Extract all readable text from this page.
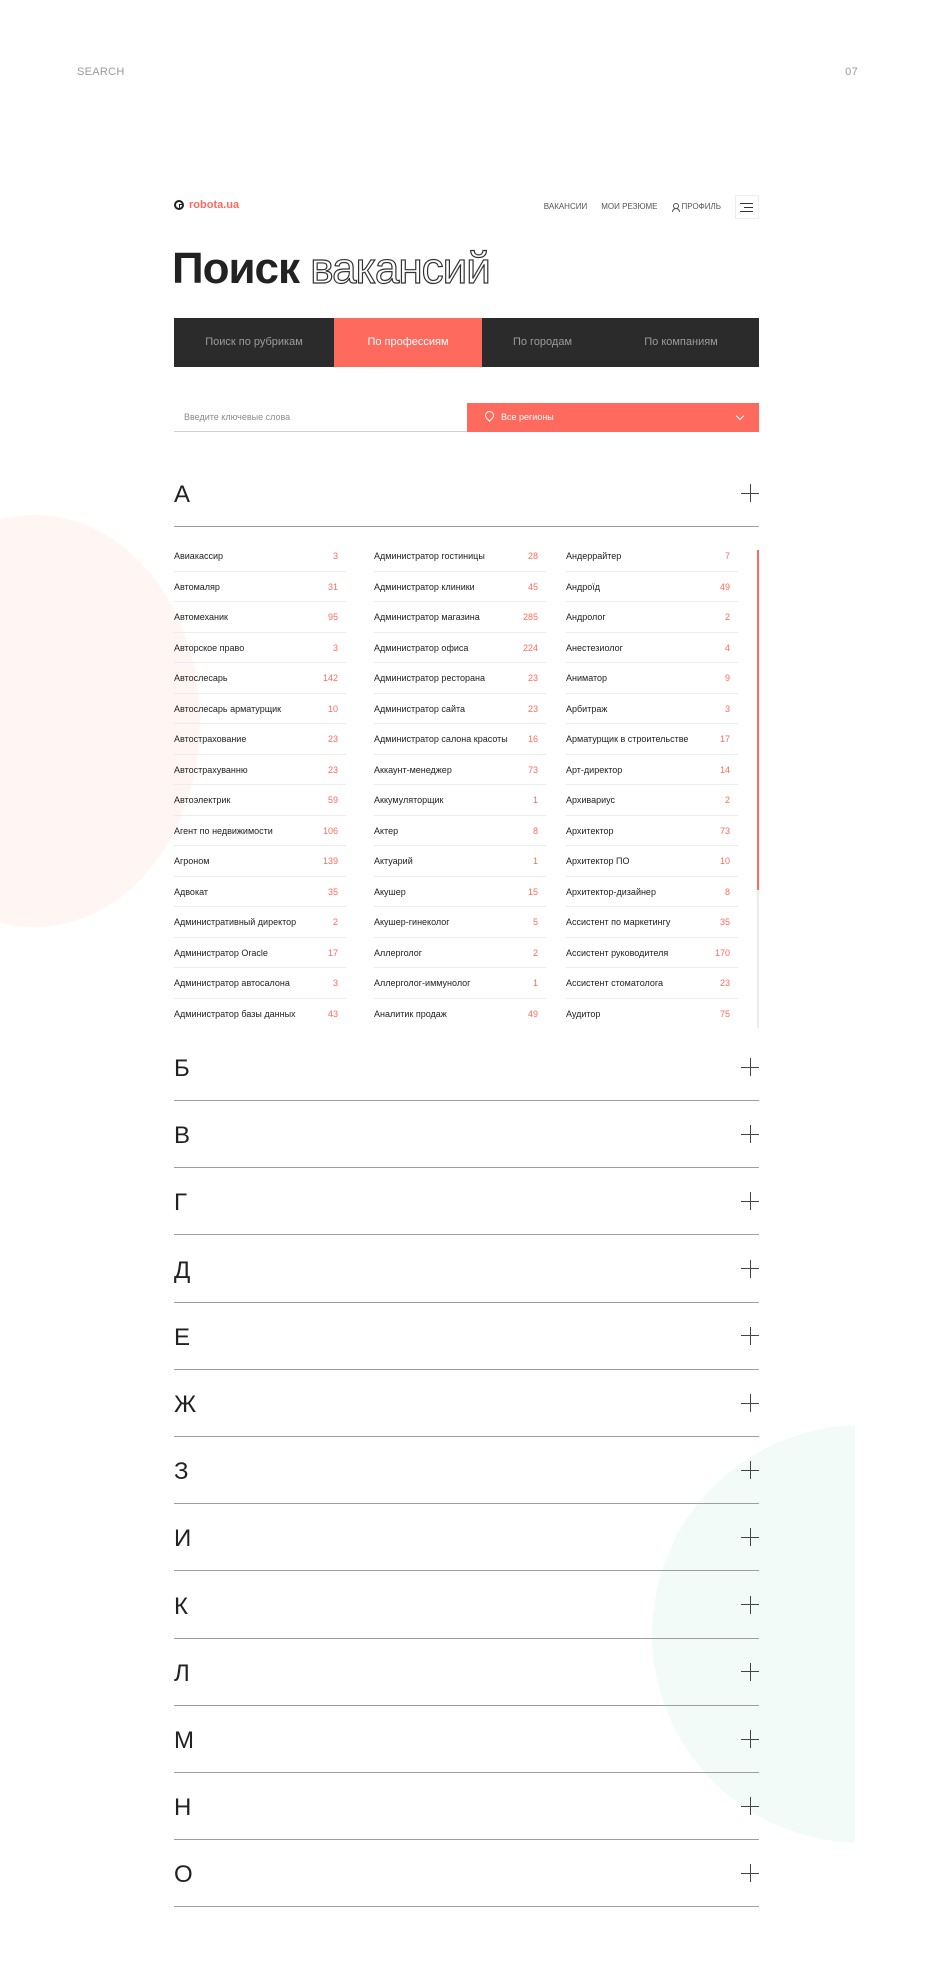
SEARCH	07
robota.ua	ВАКАНСИИ МОИ РЕЗЮМЕ	ПРОФИЛЬ
Поиск вакансий
Поиск по рубрикам	По профессиям	По городам	По компаниям
Введите ключевые слова
Все регионы
А
Авиакассир	3
Автомаляр	31
Автомеханик	95
Авторское право	3
Автослесарь	142
Автослесарь арматурщик	10
Автострахование	23
Автострахуванню	23
Автоэлектрик	59
Агент по недвижимости	106
Агроном	139
Адвокат	35
Административный директор	2
Администратор Oracle	17
Администратор автосалона	3
Администратор базы данных	43
Администратор гостиницы	28
Администратор клиники	45
Администратор магазина	285
Администратор офиса	224
Администратор ресторана	23
Администратор сайта	23
Администратор салона красоты 16
Аккаунт-менеджер	73
Аккумуляторщик	1
Актер	8
Актуарий	1
Акушер	15
Акушер-гинеколог	5
Аллерголог	2
Аллерголог-иммунолог	1
Аналитик продаж	49
Андеррайтер	7
Андроїд	49
Андролог	2
Анестезиолог	4
Аниматор	9
Арбитраж	3
Арматурщик в строительстве	17
Арт-директор	14
Архивариус	2
Архитектор	73
Архитектор ПО	10
Архитектор-дизайнер	8
Ассистент по маркетингу	35
Ассистент руководителя	170
Ассистент стоматолога	23
Аудитор	75
Б
В
Г
Д
Е
Ж
З
И
К
Л
М
Н
О
